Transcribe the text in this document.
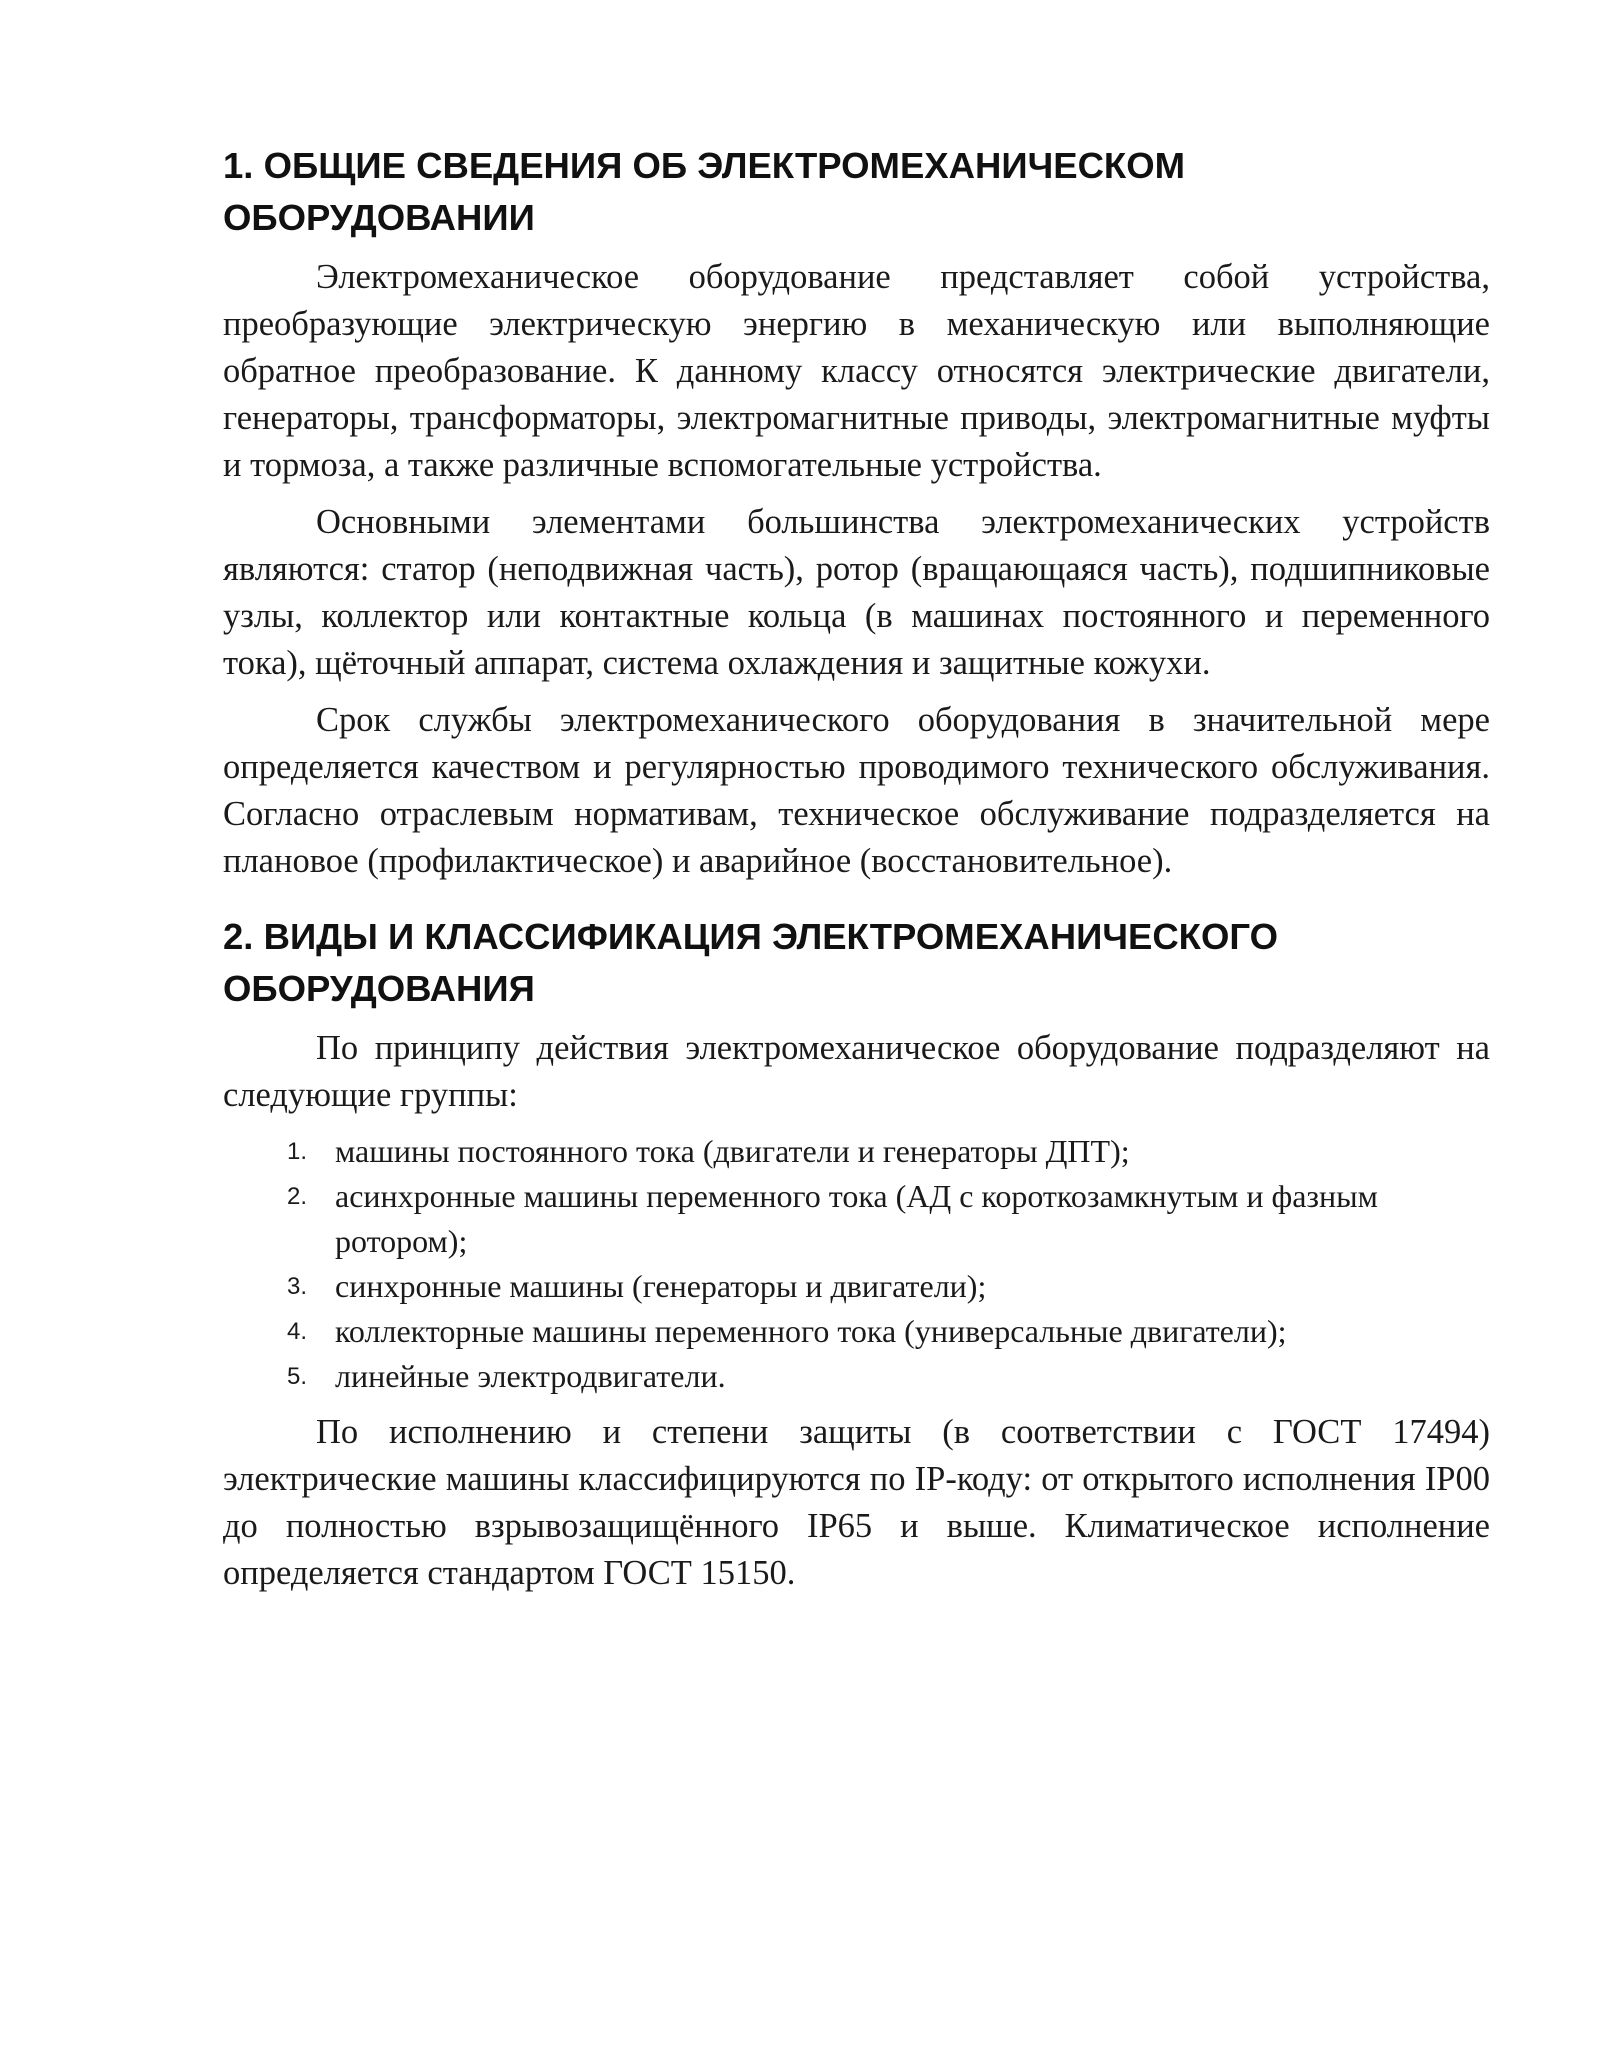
1. ОБЩИЕ СВЕДЕНИЯ ОБ ЭЛЕКТРОМЕХАНИЧЕСКОМ ОБОРУДОВАНИИ

Электромеханическое оборудование представляет собой устройства, преобразующие электрическую энергию в механическую или выполняющие обратное преобразование. К данному классу относятся электрические двигатели, генераторы, трансформаторы, электромагнитные приводы, электромагнитные муфты и тормоза, а также различные вспомогательные устройства.

Основными элементами большинства электромеханических устройств являются: статор (неподвижная часть), ротор (вращающаяся часть), подшипниковые узлы, коллектор или контактные кольца (в машинах постоянного и переменного тока), щёточный аппарат, система охлаждения и защитные кожухи.

Срок службы электромеханического оборудования в значительной мере определяется качеством и регулярностью проводимого технического обслуживания. Согласно отраслевым нормативам, техническое обслуживание подразделяется на плановое (профилактическое) и аварийное (восстановительное).

2. ВИДЫ И КЛАССИФИКАЦИЯ ЭЛЕКТРОМЕХАНИЧЕСКОГО ОБОРУДОВАНИЯ

По принципу действия электромеханическое оборудование подразделяют на следующие группы:

1. машины постоянного тока (двигатели и генераторы ДПТ);
2. асинхронные машины переменного тока (АД с короткозамкнутым и фазным ротором);
3. синхронные машины (генераторы и двигатели);
4. коллекторные машины переменного тока (универсальные двигатели);
5. линейные электродвигатели.

По исполнению и степени защиты (в соответствии с ГОСТ 17494) электрические машины классифицируются по IP-коду: от открытого исполнения IP00 до полностью взрывозащищённого IP65 и выше. Климатическое исполнение определяется стандартом ГОСТ 15150.
